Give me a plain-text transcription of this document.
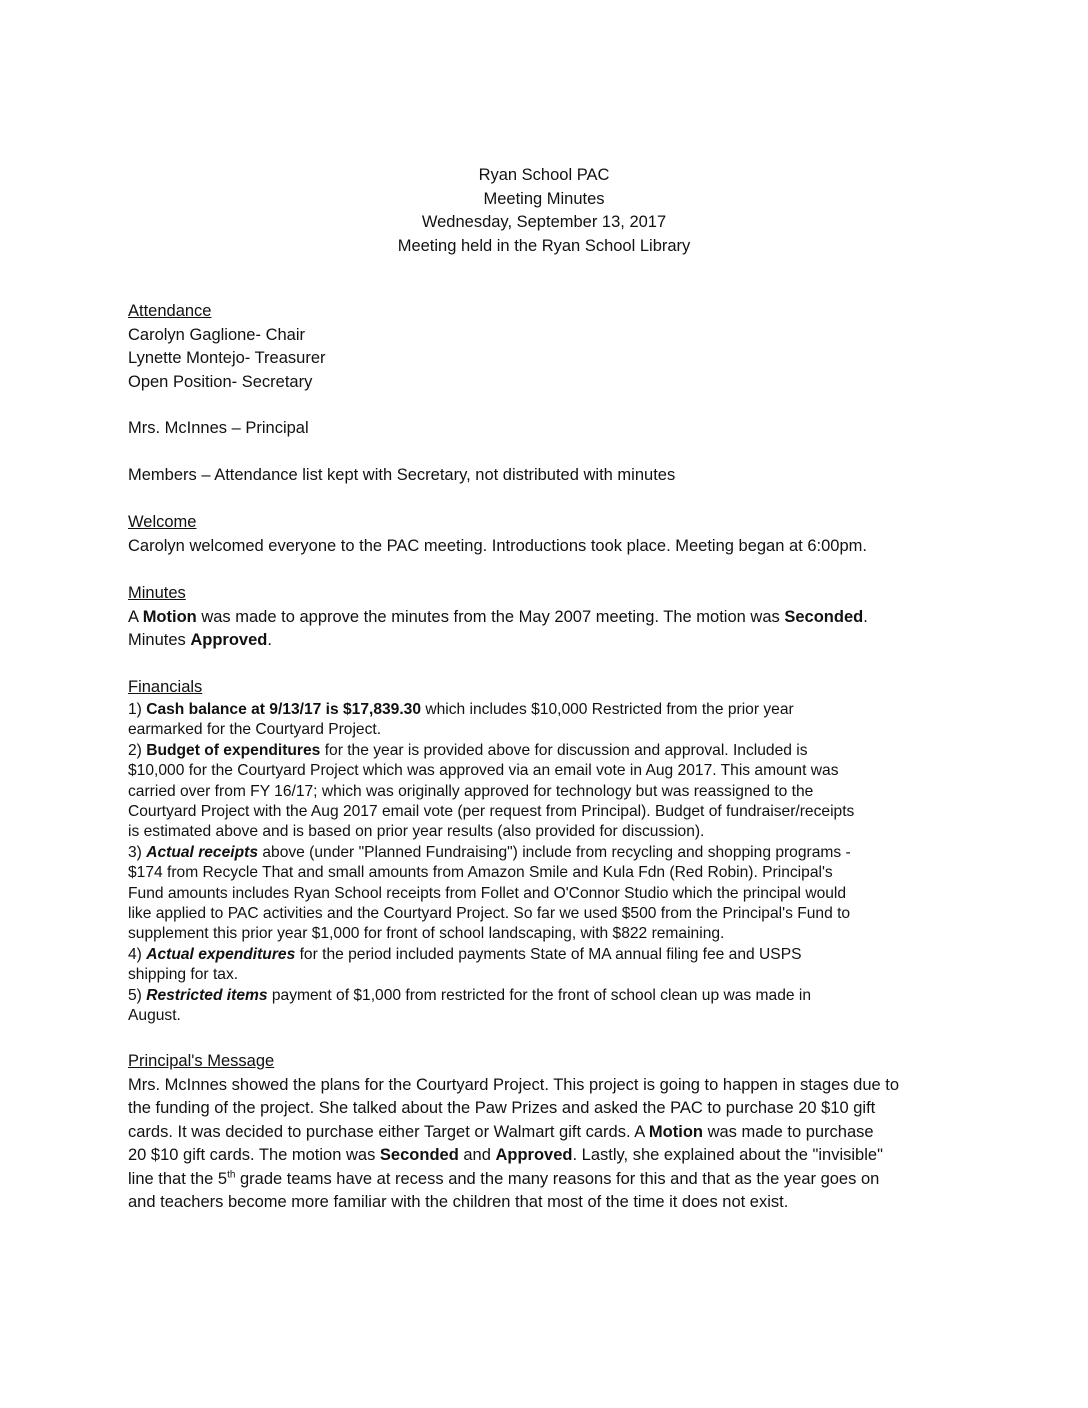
Ryan School PAC
Meeting Minutes
Wednesday, September 13, 2017
Meeting held in the Ryan School Library
Attendance
Carolyn Gaglione- Chair
Lynette Montejo- Treasurer
Open Position- Secretary
Mrs. McInnes – Principal
Members – Attendance list kept with Secretary, not distributed with minutes
Welcome
Carolyn welcomed everyone to the PAC meeting. Introductions took place. Meeting began at 6:00pm.
Minutes
A Motion was made to approve the minutes from the May 2007 meeting. The motion was Seconded.
Minutes Approved.
Financials
1) Cash balance at 9/13/17 is $17,839.30 which includes $10,000 Restricted from the prior year
earmarked for the Courtyard Project.
2) Budget of expenditures for the year is provided above for discussion and approval. Included is
$10,000 for the Courtyard Project which was approved via an email vote in Aug 2017. This amount was
carried over from FY 16/17; which was originally approved for technology but was reassigned to the
Courtyard Project with the Aug 2017 email vote (per request from Principal). Budget of fundraiser/receipts
is estimated above and is based on prior year results (also provided for discussion).
3) Actual receipts above (under "Planned Fundraising") include from recycling and shopping programs -
$174 from Recycle That and small amounts from Amazon Smile and Kula Fdn (Red Robin). Principal's
Fund amounts includes Ryan School receipts from Follet and O'Connor Studio which the principal would
like applied to PAC activities and the Courtyard Project. So far we used $500 from the Principal's Fund to
supplement this prior year $1,000 for front of school landscaping, with $822 remaining.
4) Actual expenditures for the period included payments State of MA annual filing fee and USPS
shipping for tax.
5) Restricted items payment of $1,000 from restricted for the front of school clean up was made in
August.
Principal's Message
Mrs. McInnes showed the plans for the Courtyard Project. This project is going to happen in stages due to
the funding of the project. She talked about the Paw Prizes and asked the PAC to purchase 20 $10 gift
cards. It was decided to purchase either Target or Walmart gift cards. A Motion was made to purchase
20 $10 gift cards. The motion was Seconded and Approved. Lastly, she explained about the "invisible"
line that the 5th grade teams have at recess and the many reasons for this and that as the year goes on
and teachers become more familiar with the children that most of the time it does not exist.
